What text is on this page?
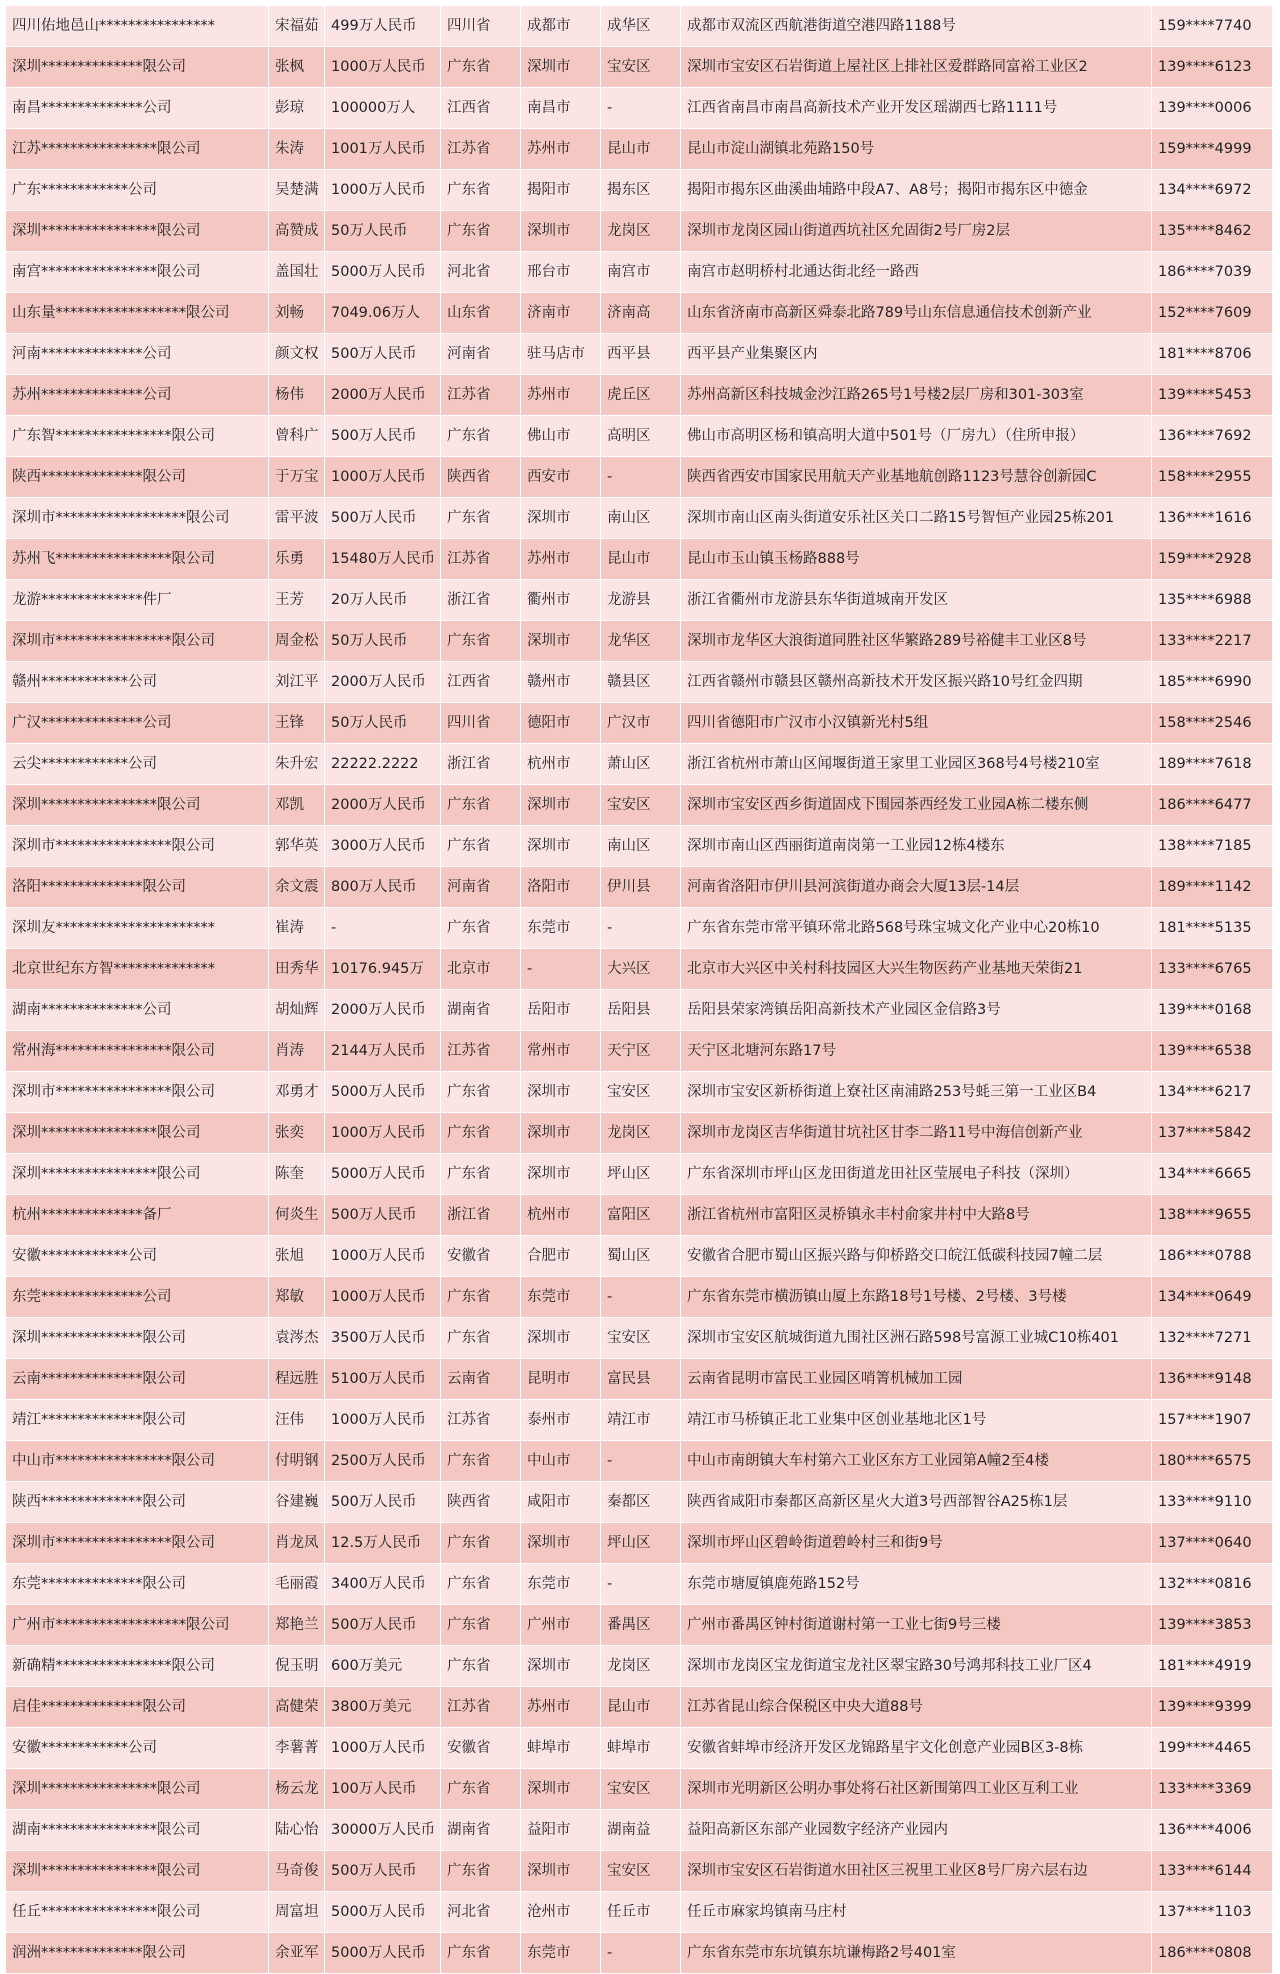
四川佑地邑山****************	宋福茹	499万人民币	四川省	成都市	成华区	成都市双流区西航港街道空港四路1188号	159****7740
深圳**************限公司	张枫	1000万人民币	广东省	深圳市	宝安区	深圳市宝安区石岩街道上屋社区上排社区爱群路同富裕工业区2	139****6123
南昌**************公司	彭琼	100000万人	江西省	南昌市	-	江西省南昌市南昌高新技术产业开发区瑶湖西七路1111号	139****0006
江苏****************限公司	朱涛	1001万人民币	江苏省	苏州市	昆山市	昆山市淀山湖镇北苑路150号	159****4999
广东************公司	吴楚满	1000万人民币	广东省	揭阳市	揭东区	揭阳市揭东区曲溪曲埔路中段A7、A8号；揭阳市揭东区中德金	134****6972
深圳****************限公司	高赞成	50万人民币	广东省	深圳市	龙岗区	深圳市龙岗区园山街道西坑社区允固街2号厂房2层	135****8462
南宫****************限公司	盖国壮	5000万人民币	河北省	邢台市	南宫市	南宫市赵明桥村北通达街北经一路西	186****7039
山东量******************限公司	刘畅	7049.06万人	山东省	济南市	济南高	山东省济南市高新区舜泰北路789号山东信息通信技术创新产业	152****7609
河南**************公司	颜文权	500万人民币	河南省	驻马店市	西平县	西平县产业集聚区内	181****8706
苏州**************公司	杨伟	2000万人民币	江苏省	苏州市	虎丘区	苏州高新区科技城金沙江路265号1号楼2层厂房和301-303室	139****5453
广东智****************限公司	曾科广	500万人民币	广东省	佛山市	高明区	佛山市高明区杨和镇高明大道中501号（厂房九）（住所申报）	136****7692
陕西**************限公司	于万宝	1000万人民币	陕西省	西安市	-	陕西省西安市国家民用航天产业基地航创路1123号慧谷创新园C	158****2955
深圳市******************限公司	雷平波	500万人民币	广东省	深圳市	南山区	深圳市南山区南头街道安乐社区关口二路15号智恒产业园25栋201	136****1616
苏州飞****************限公司	乐勇	15480万人民币	江苏省	苏州市	昆山市	昆山市玉山镇玉杨路888号	159****2928
龙游**************件厂	王芳	20万人民币	浙江省	衢州市	龙游县	浙江省衢州市龙游县东华街道城南开发区	135****6988
深圳市****************限公司	周金松	50万人民币	广东省	深圳市	龙华区	深圳市龙华区大浪街道同胜社区华繁路289号裕健丰工业区8号	133****2217
赣州************公司	刘江平	2000万人民币	江西省	赣州市	赣县区	江西省赣州市赣县区赣州高新技术开发区振兴路10号红金四期	185****6990
广汉**************公司	王锋	50万人民币	四川省	德阳市	广汉市	四川省德阳市广汉市小汉镇新光村5组	158****2546
云尖************公司	朱升宏	22222.2222	浙江省	杭州市	萧山区	浙江省杭州市萧山区闻堰街道王家里工业园区368号4号楼210室	189****7618
深圳****************限公司	邓凯	2000万人民币	广东省	深圳市	宝安区	深圳市宝安区西乡街道固戍下围园茶西经发工业园A栋二楼东侧	186****6477
深圳市****************限公司	郭华英	3000万人民币	广东省	深圳市	南山区	深圳市南山区西丽街道南岗第一工业园12栋4楼东	138****7185
洛阳**************限公司	余文震	800万人民币	河南省	洛阳市	伊川县	河南省洛阳市伊川县河滨街道办商会大厦13层-14层	189****1142
深圳友**********************	崔涛	-	广东省	东莞市	-	广东省东莞市常平镇环常北路568号珠宝城文化产业中心20栋10	181****5135
北京世纪东方智**************	田秀华	10176.945万	北京市	-	大兴区	北京市大兴区中关村科技园区大兴生物医药产业基地天荣街21	133****6765
湖南**************公司	胡灿辉	2000万人民币	湖南省	岳阳市	岳阳县	岳阳县荣家湾镇岳阳高新技术产业园区金信路3号	139****0168
常州海****************限公司	肖涛	2144万人民币	江苏省	常州市	天宁区	天宁区北塘河东路17号	139****6538
深圳市****************限公司	邓勇才	5000万人民币	广东省	深圳市	宝安区	深圳市宝安区新桥街道上寮社区南浦路253号蚝三第一工业区B4	134****6217
深圳****************限公司	张奕	1000万人民币	广东省	深圳市	龙岗区	深圳市龙岗区吉华街道甘坑社区甘李二路11号中海信创新产业	137****5842
深圳****************限公司	陈奎	5000万人民币	广东省	深圳市	坪山区	广东省深圳市坪山区龙田街道龙田社区莹展电子科技（深圳）	134****6665
杭州**************备厂	何炎生	500万人民币	浙江省	杭州市	富阳区	浙江省杭州市富阳区灵桥镇永丰村俞家井村中大路8号	138****9655
安徽************公司	张旭	1000万人民币	安徽省	合肥市	蜀山区	安徽省合肥市蜀山区振兴路与仰桥路交口皖江低碳科技园7幢二层	186****0788
东莞**************公司	郑敏	1000万人民币	广东省	东莞市	-	广东省东莞市横沥镇山厦上东路18号1号楼、2号楼、3号楼	134****0649
深圳**************限公司	袁涔杰	3500万人民币	广东省	深圳市	宝安区	深圳市宝安区航城街道九围社区洲石路598号富源工业城C10栋401	132****7271
云南**************限公司	程远胜	5100万人民币	云南省	昆明市	富民县	云南省昆明市富民工业园区哨箐机械加工园	136****9148
靖江**************限公司	汪伟	1000万人民币	江苏省	泰州市	靖江市	靖江市马桥镇正北工业集中区创业基地北区1号	157****1907
中山市****************限公司	付明钢	2500万人民币	广东省	中山市	-	中山市南朗镇大车村第六工业区东方工业园第A幢2至4楼	180****6575
陕西**************限公司	谷建巍	500万人民币	陕西省	咸阳市	秦都区	陕西省咸阳市秦都区高新区星火大道3号西部智谷A25栋1层	133****9110
深圳市****************限公司	肖龙凤	12.5万人民币	广东省	深圳市	坪山区	深圳市坪山区碧岭街道碧岭村三和街9号	137****0640
东莞**************限公司	毛丽霞	3400万人民币	广东省	东莞市	-	东莞市塘厦镇鹿苑路152号	132****0816
广州市******************限公司	郑艳兰	500万人民币	广东省	广州市	番禺区	广州市番禺区钟村街道谢村第一工业七街9号三楼	139****3853
新确精****************限公司	倪玉明	600万美元	广东省	深圳市	龙岗区	深圳市龙岗区宝龙街道宝龙社区翠宝路30号鸿邦科技工业厂区4	181****4919
启佳**************限公司	高健荣	3800万美元	江苏省	苏州市	昆山市	江苏省昆山综合保税区中央大道88号	139****9399
安徽************公司	李薯菁	1000万人民币	安徽省	蚌埠市	蚌埠市	安徽省蚌埠市经济开发区龙锦路星宇文化创意产业园B区3-8栋	199****4465
深圳****************限公司	杨云龙	100万人民币	广东省	深圳市	宝安区	深圳市光明新区公明办事处将石社区新围第四工业区互利工业	133****3369
湖南****************限公司	陆心怡	30000万人民币	湖南省	益阳市	湖南益	益阳高新区东部产业园数字经济产业园内	136****4006
深圳****************限公司	马奇俊	500万人民币	广东省	深圳市	宝安区	深圳市宝安区石岩街道水田社区三祝里工业区8号厂房六层右边	133****6144
任丘****************限公司	周富坦	5000万人民币	河北省	沧州市	任丘市	任丘市麻家坞镇南马庄村	137****1103
润洲**************限公司	余亚军	5000万人民币	广东省	东莞市	-	广东省东莞市东坑镇东坑谦梅路2号401室	186****0808
